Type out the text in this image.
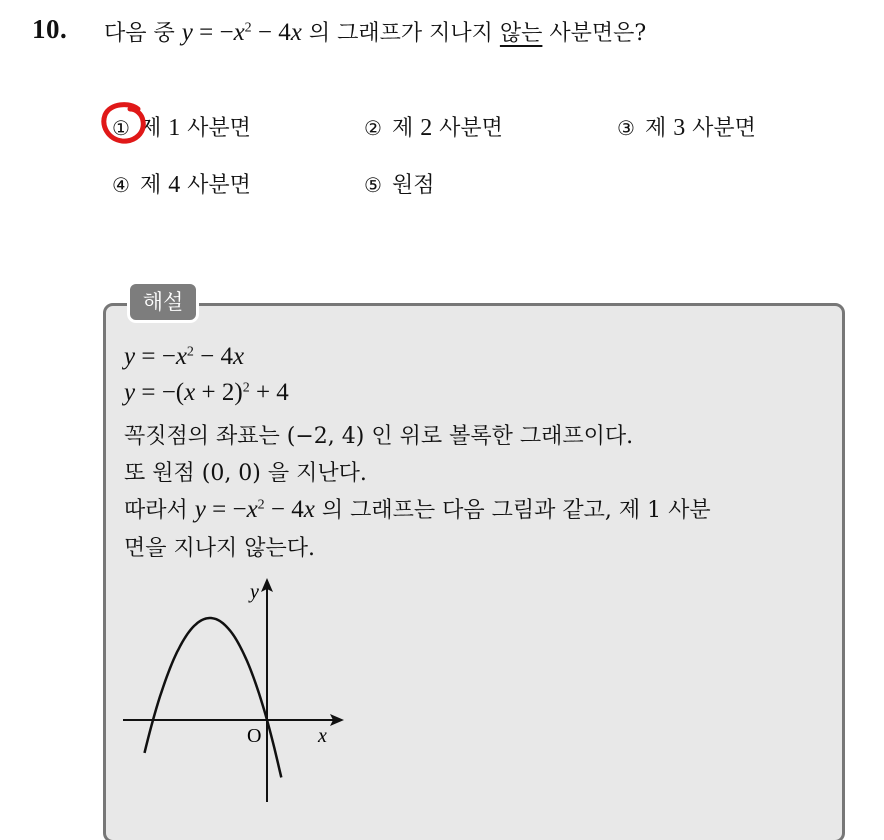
10. 다음 중 $y = -x^2 - 4x$ 의 그래프가 지나지 않는 사분면은?
① 제 1 사분면	② 제 2 사분면	③ 제 3 사분면
④ 제 4 사분면	⑤ 원점
해설
$y = -x^2 - 4x$
$y = -(x + 2)^2 + 4$
꼭짓점의 좌표는 (−2, 4) 인 위로 볼록한 그래프이다.
또 원점 (0, 0) 을 지난다.
따라서 $y = -x^2 - 4x$ 의 그래프는 다음 그림과 같고, 제 1 사분
면을 지나지 않는다.
y
x
O
